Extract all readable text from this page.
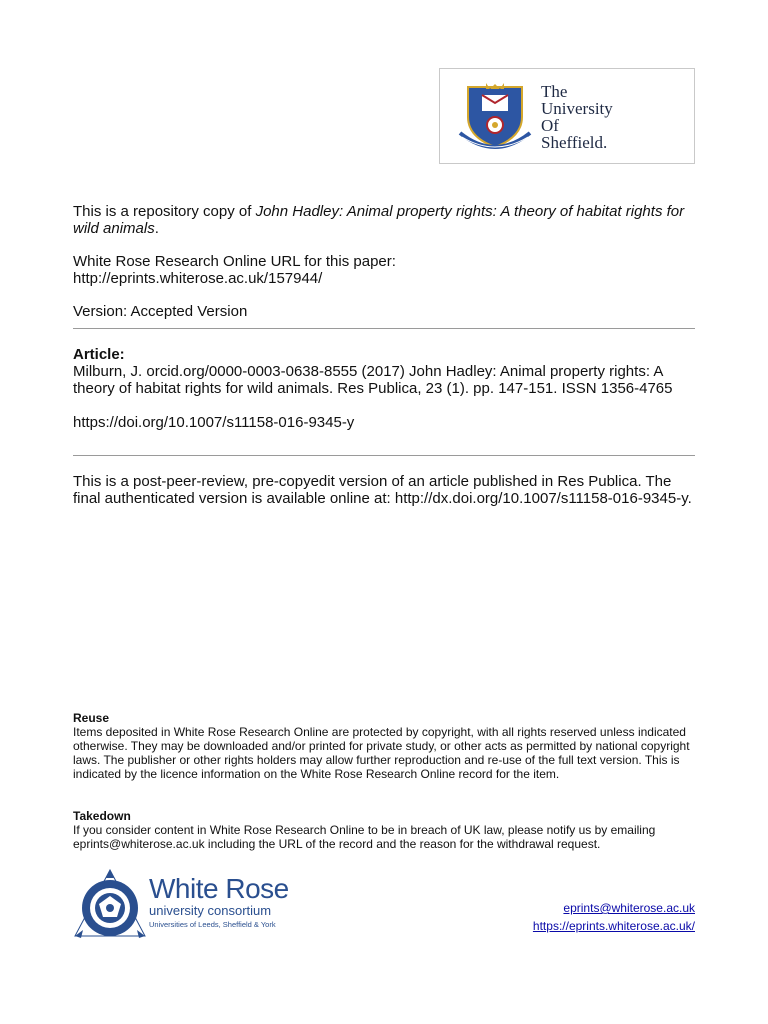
The
University
Of
Sheffield.
This is a repository copy of John Hadley: Animal property rights: A theory of habitat rights for wild animals.
White Rose Research Online URL for this paper:
http://eprints.whiterose.ac.uk/157944/
Version: Accepted Version
Article:
Milburn, J. orcid.org/0000-0003-0638-8555 (2017) John Hadley: Animal property rights: A theory of habitat rights for wild animals. Res Publica, 23 (1). pp. 147-151. ISSN 1356-4765
https://doi.org/10.1007/s11158-016-9345-y
This is a post-peer-review, pre-copyedit version of an article published in Res Publica. The final authenticated version is available online at: http://dx.doi.org/10.1007/s11158-016-9345-y.
Reuse
Items deposited in White Rose Research Online are protected by copyright, with all rights reserved unless indicated otherwise. They may be downloaded and/or printed for private study, or other acts as permitted by national copyright laws. The publisher or other rights holders may allow further reproduction and re-use of the full text version. This is indicated by the licence information on the White Rose Research Online record for the item.
Takedown
If you consider content in White Rose Research Online to be in breach of UK law, please notify us by emailing eprints@whiterose.ac.uk including the URL of the record and the reason for the withdrawal request.
White Rose
university consortium
Universities of Leeds, Sheffield & York
eprints@whiterose.ac.uk
https://eprints.whiterose.ac.uk/
